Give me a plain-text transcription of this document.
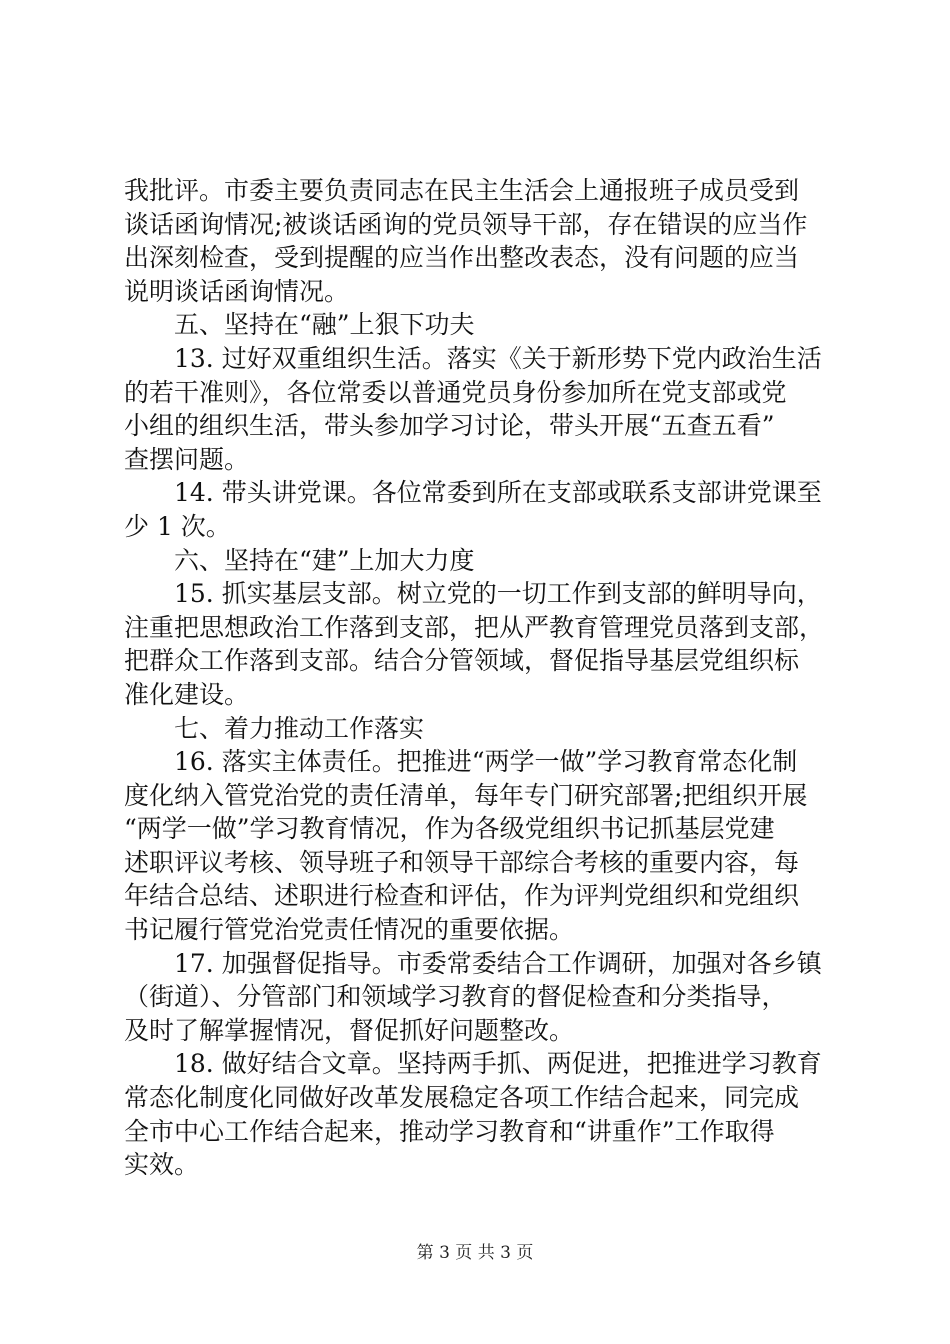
我批评。市委主要负责同志在民主生活会上通报班子成员受到
谈话函询情况;被谈话函询的党员领导干部，存在错误的应当作
出深刻检查，受到提醒的应当作出整改表态，没有问题的应当
说明谈话函询情况。
五、坚持在“融”上狠下功夫
13. 过好双重组织生活。落实《关于新形势下党内政治生活
的若干准则》，各位常委以普通党员身份参加所在党支部或党
小组的组织生活，带头参加学习讨论，带头开展“五查五看”
查摆问题。
14. 带头讲党课。各位常委到所在支部或联系支部讲党课至
少 1 次。
六、坚持在“建”上加大力度
15. 抓实基层支部。树立党的一切工作到支部的鲜明导向，
注重把思想政治工作落到支部，把从严教育管理党员落到支部，
把群众工作落到支部。结合分管领域，督促指导基层党组织标
准化建设。
七、着力推动工作落实
16. 落实主体责任。把推进“两学一做”学习教育常态化制
度化纳入管党治党的责任清单，每年专门研究部署;把组织开展
“两学一做”学习教育情况，作为各级党组织书记抓基层党建
述职评议考核、领导班子和领导干部综合考核的重要内容，每
年结合总结、述职进行检查和评估，作为评判党组织和党组织
书记履行管党治党责任情况的重要依据。
17. 加强督促指导。市委常委结合工作调研，加强对各乡镇
（街道）、分管部门和领域学习教育的督促检查和分类指导，
及时了解掌握情况，督促抓好问题整改。
18. 做好结合文章。坚持两手抓、两促进，把推进学习教育
常态化制度化同做好改革发展稳定各项工作结合起来，同完成
全市中心工作结合起来，推动学习教育和“讲重作”工作取得
实效。
第 3 页 共 3 页
